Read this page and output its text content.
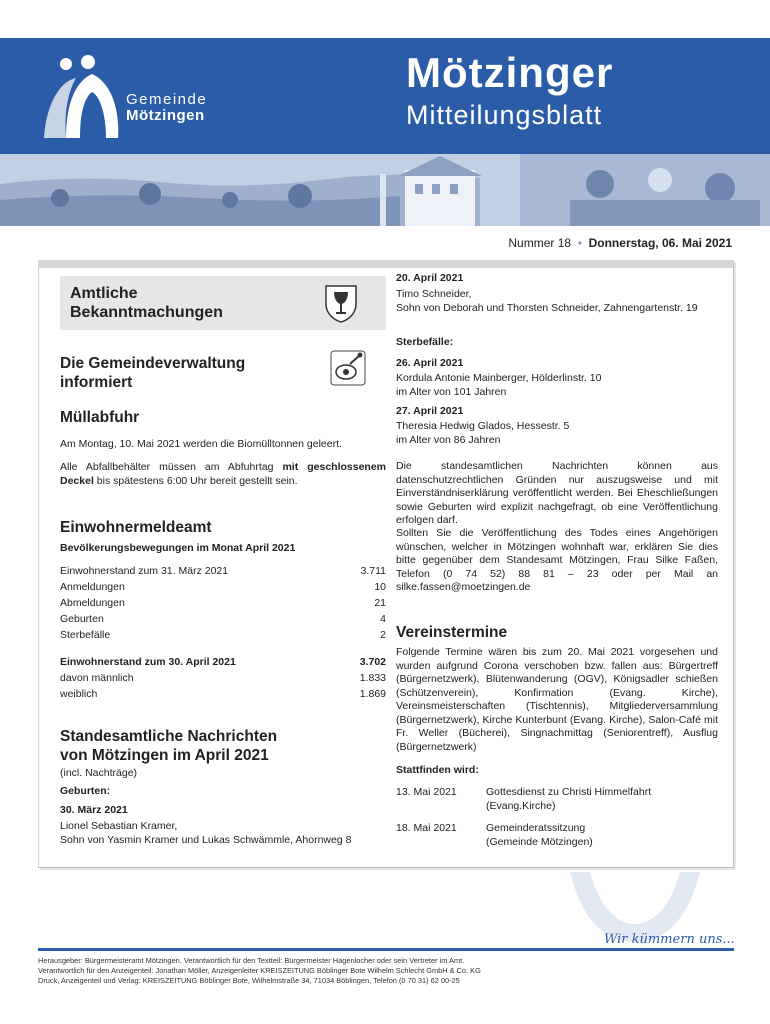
Gemeinde
Mötzingen
Mötzinger
Mitteilungsblatt
Nummer 18  •  Donnerstag, 06. Mai 2021
Amtliche
Bekanntmachungen
Die Gemeindeverwaltung
informiert
Müllabfuhr
Am Montag, 10. Mai 2021 werden die Biomülltonnen geleert.
Alle Abfallbehälter müssen am Abfuhrtag mit geschlossenem Deckel bis spätestens 6:00 Uhr bereit gestellt sein.
Einwohnermeldeamt
Bevölkerungsbewegungen im Monat April 2021
Einwohnerstand zum 31. März 2021	3.711
Anmeldungen	10
Abmeldungen	21
Geburten	4
Sterbefälle	2
Einwohnerstand zum 30. April 2021	3.702
davon männlich	1.833
weiblich	1.869
Standesamtliche Nachrichten
von Mötzingen im April 2021
(incl. Nachträge)
Geburten:
30. März 2021
Lionel Sebastian Kramer,
Sohn von Yasmin Kramer und Lukas Schwämmle, Ahornweg 8
20. April 2021
Timo Schneider,
Sohn von Deborah und Thorsten Schneider, Zahnengartenstr. 19
Sterbefälle:
26. April 2021
Kordula Antonie Mainberger, Hölderlinstr. 10
im Alter von 101 Jahren
27. April 2021
Theresia Hedwig Glados, Hessestr. 5
im Alter von 86 Jahren
Die standesamtlichen Nachrichten können aus datenschutzrechtlichen Gründen nur auszugsweise und mit Einverständniserklärung veröffentlicht werden. Bei Eheschließungen sowie Geburten wird explizit nachgefragt, ob eine Veröffentlichung erfolgen darf.
Sollten Sie die Veröffentlichung des Todes eines Angehörigen wünschen, welcher in Mötzingen wohnhaft war, erklären Sie dies bitte gegenüber dem Standesamt Mötzingen, Frau Silke Faßen, Telefon (0 74 52) 88 81 – 23 oder per Mail an silke.fassen@moetzingen.de
Vereinstermine
Folgende Termine wären bis zum 20. Mai 2021 vorgesehen und wurden aufgrund Corona verschoben bzw. fallen aus: Bürgertreff (Bürgernetzwerk), Blütenwanderung (OGV), Königsadler schießen (Schützenverein), Konfirmation (Evang. Kirche), Vereinsmeisterschaften (Tischtennis), Mitgliederversammlung (Bürgernetzwerk), Kirche Kunterbunt (Evang. Kirche), Salon-Café mit Fr. Weller (Bücherei), Singnachmittag (Seniorentreff), Ausflug (Bürgernetzwerk)
Stattfinden wird:
13. Mai 2021	Gottesdienst zu Christi Himmelfahrt
(Evang.Kirche)
18. Mai 2021	Gemeinderatssitzung
(Gemeinde Mötzingen)
Wir kümmern uns...
Herausgeber: Bürgermeisteramt Mötzingen. Verantwortlich für den Textteil: Bürgermeister Hagenlocher oder sein Vertreter im Amt.
Verantwortlich für den Anzeigenteil: Jonathan Möller, Anzeigenleiter KREISZEITUNG Böblinger Bote Wilhelm Schlecht GmbH & Co. KG
Druck, Anzeigenteil und Verlag: KREISZEITUNG Böblinger Bote, Wilhelmstraße 34, 71034 Böblingen, Telefon (0 70 31) 62 00-25
